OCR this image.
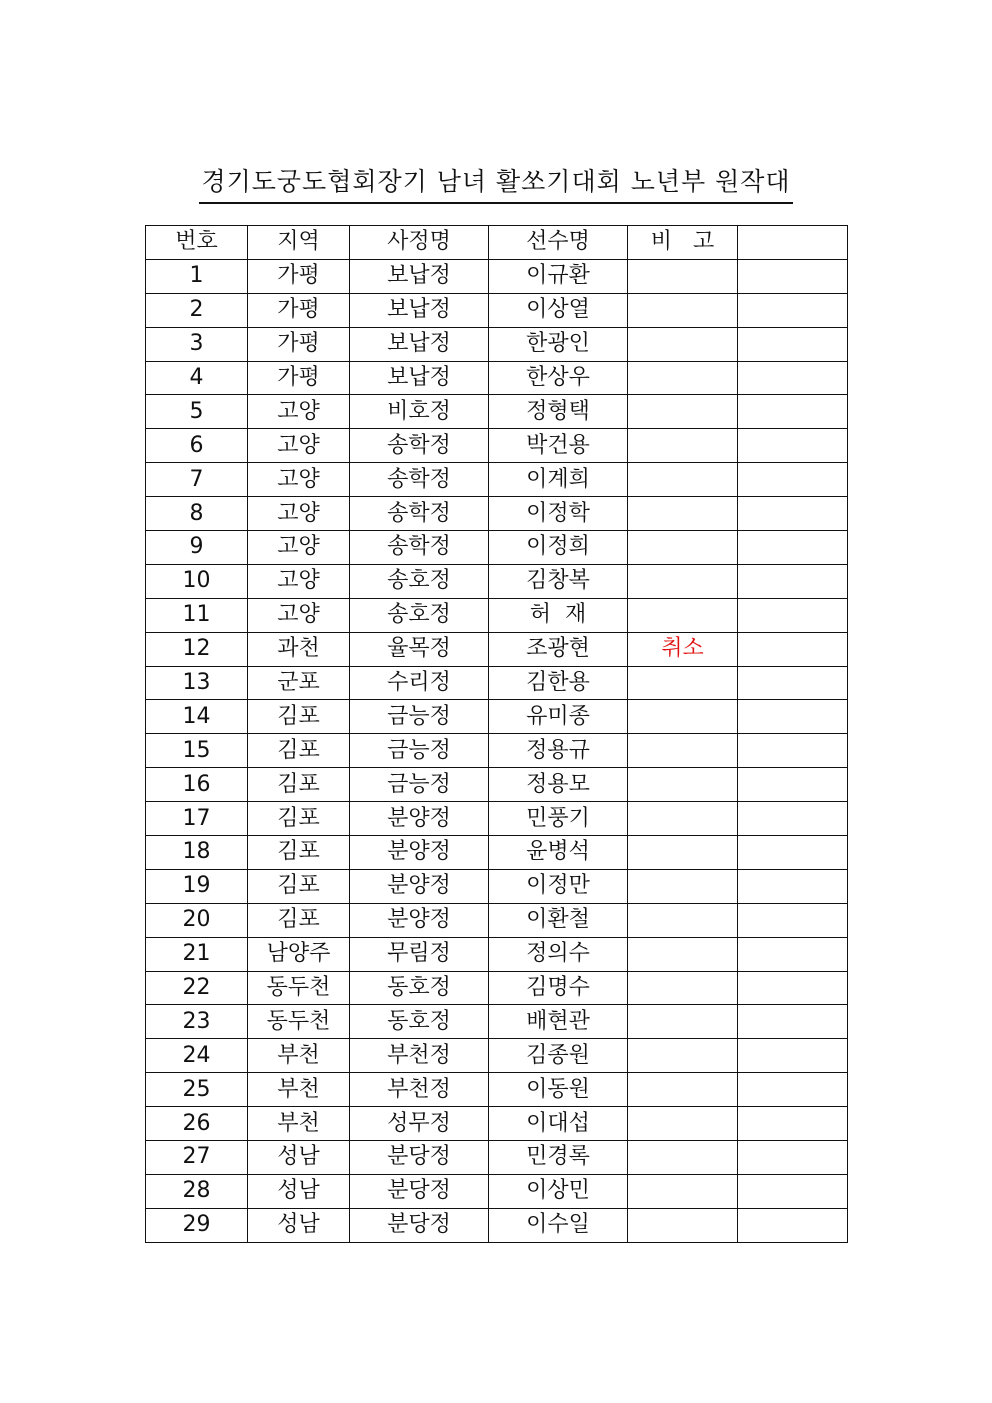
경기도궁도협회장기 남녀 활쏘기대회 노년부 원작대
번호	지역	사정명	선수명	비   고	
1	가평	보납정	이규환		
2	가평	보납정	이상열		
3	가평	보납정	한광인		
4	가평	보납정	한상우		
5	고양	비호정	정형택		
6	고양	송학정	박건용		
7	고양	송학정	이계희		
8	고양	송학정	이정학		
9	고양	송학정	이정희		
10	고양	송호정	김창복		
11	고양	송호정	허  재		
12	과천	율목정	조광현	취소	
13	군포	수리정	김한용		
14	김포	금능정	유미종		
15	김포	금능정	정용규		
16	김포	금능정	정용모		
17	김포	분양정	민풍기		
18	김포	분양정	윤병석		
19	김포	분양정	이정만		
20	김포	분양정	이환철		
21	남양주	무림정	정의수		
22	동두천	동호정	김명수		
23	동두천	동호정	배현관		
24	부천	부천정	김종원		
25	부천	부천정	이동원		
26	부천	성무정	이대섭		
27	성남	분당정	민경록		
28	성남	분당정	이상민		
29	성남	분당정	이수일		
